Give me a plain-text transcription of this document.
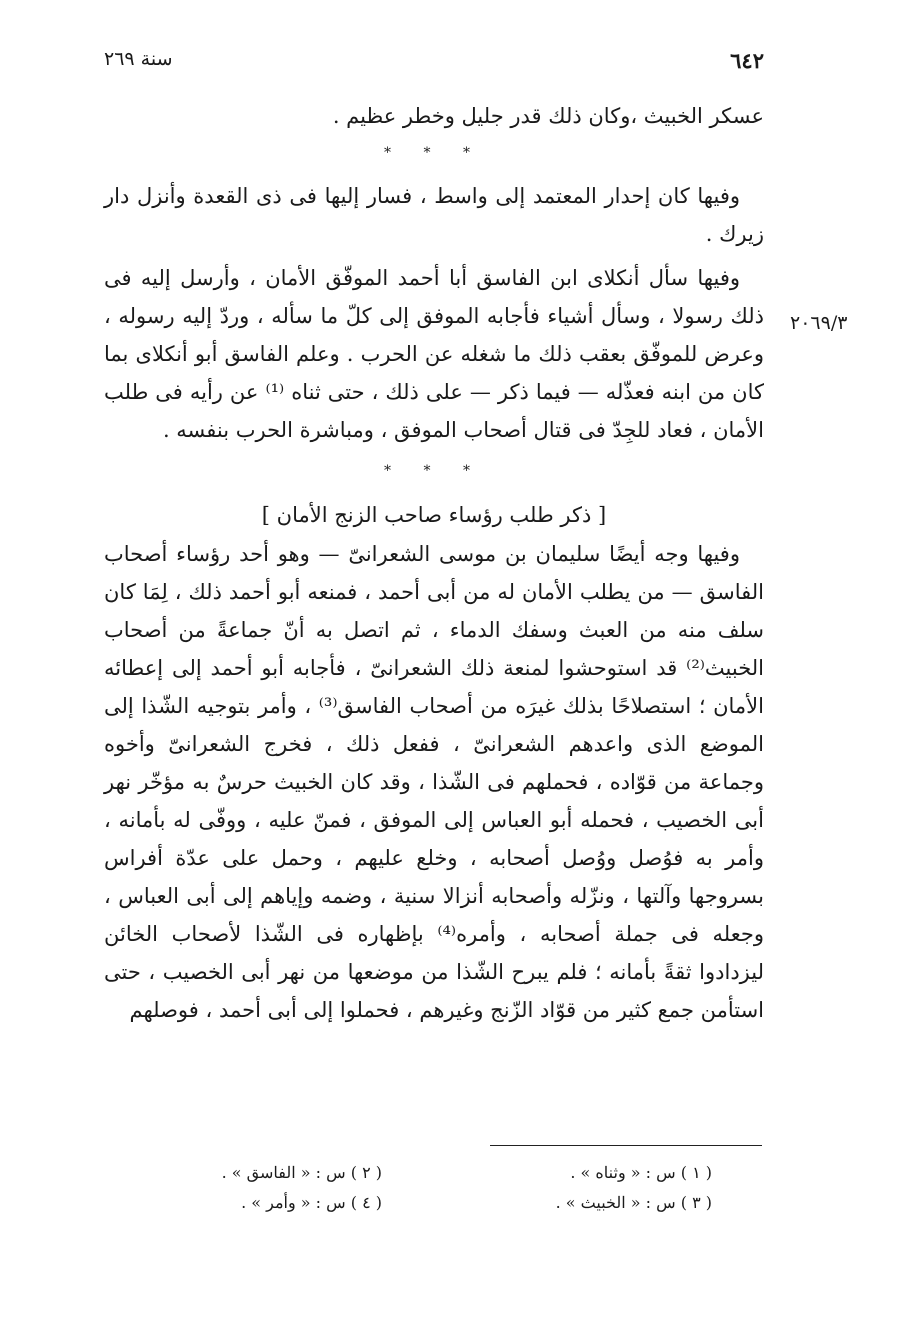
٦٤٢
سنة ٢٦٩
٢٠٦٩/٣

عسكر الخبيث ،وكان ذلك قدر جليل وخطر عظيم .

* * *

وفيها كان إحدار المعتمد إلى واسط ، فسار إليها فى ذى القعدة وأنزل دار زيرك .

وفيها سأل أنكلاى ابن الفاسق أبا أحمد الموفّق الأمان ، وأرسل إليه فى ذلك رسولا ، وسأل أشياء فأجابه الموفق إلى كلّ ما سأله ، وردّ إليه رسوله ، وعرض للموفّق بعقب ذلك ما شغله عن الحرب . وعلم الفاسق أبو أنكلاى بما كان من ابنه فعذّله — فيما ذكر — على ذلك ، حتى ثناه ⁽¹⁾ عن رأيه فى طلب الأمان ، فعاد للجِدّ فى قتال أصحاب الموفق ، ومباشرة الحرب بنفسه .

* * *

[ ذكر طلب رؤساء صاحب الزنج الأمان ]

وفيها وجه أيضًا سليمان بن موسى الشعرانىّ — وهو أحد رؤساء أصحاب الفاسق — من يطلب الأمان له من أبى أحمد ، فمنعه أبو أحمد ذلك ، لِمَا كان سلف منه من العبث وسفك الدماء ، ثم اتصل به أنّ جماعةً من أصحاب الخبيث⁽²⁾ قد استوحشوا لمنعة ذلك الشعرانىّ ، فأجابه أبو أحمد إلى إعطائه الأمان ؛ استصلاحًا بذلك غيرَه من أصحاب الفاسق⁽³⁾ ، وأمر بتوجيه الشّذا إلى الموضع الذى واعدهم الشعرانىّ ، ففعل ذلك ، فخرج الشعرانىّ وأخوه وجماعة من قوّاده ، فحملهم فى الشّذا ، وقد كان الخبيث حرسٌ به مؤخّر نهر أبى الخصيب ، فحمله أبو العباس إلى الموفق ، فمنّ عليه ، ووفّى له بأمانه ، وأمر به فوُصل ووُصل أصحابه ، وخلع عليهم ، وحمل على عدّة أفراس بسروجها وآلتها ، ونزّله وأصحابه أنزالا سنية ، وضمه وإياهم إلى أبى العباس ، وجعله فى جملة أصحابه ، وأمره⁽⁴⁾ بإظهاره فى الشّذا لأصحاب الخائن ليزدادوا ثقةً بأمانه ؛ فلم يبرح الشّذا من موضعها من نهر أبى الخصيب ، حتى استأمن جمع كثير من قوّاد الزّنج وغيرهم ، فحملوا إلى أبى أحمد ، فوصلهم

( ١ ) س : « وثناه » .
( ٢ ) س : « الفاسق » .
( ٣ ) س : « الخبيث » .
( ٤ ) س : « وأمر » .
